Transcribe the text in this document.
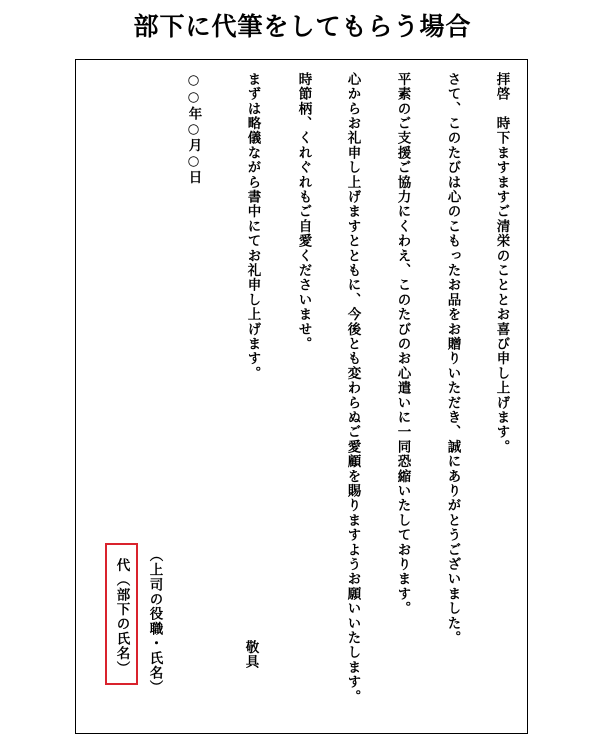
部下に代筆をしてもらう場合
拝啓　時下ますますご清栄のこととお喜び申し上げます。
さて、このたびは心のこもったお品をお贈りいただき、誠にありがとうございました。
平素のご支援ご協力にくわえ、このたびのお心遣いに一同恐縮いたしております。
心からお礼申し上げますとともに、今後とも変わらぬご愛顧を賜りますようお願いいたします。
時節柄、くれぐれもご自愛くださいませ。
まずは略儀ながら書中にてお礼申し上げます。
○○年○月○日
敬具
（上司の役職・氏名）
代（部下の氏名）
